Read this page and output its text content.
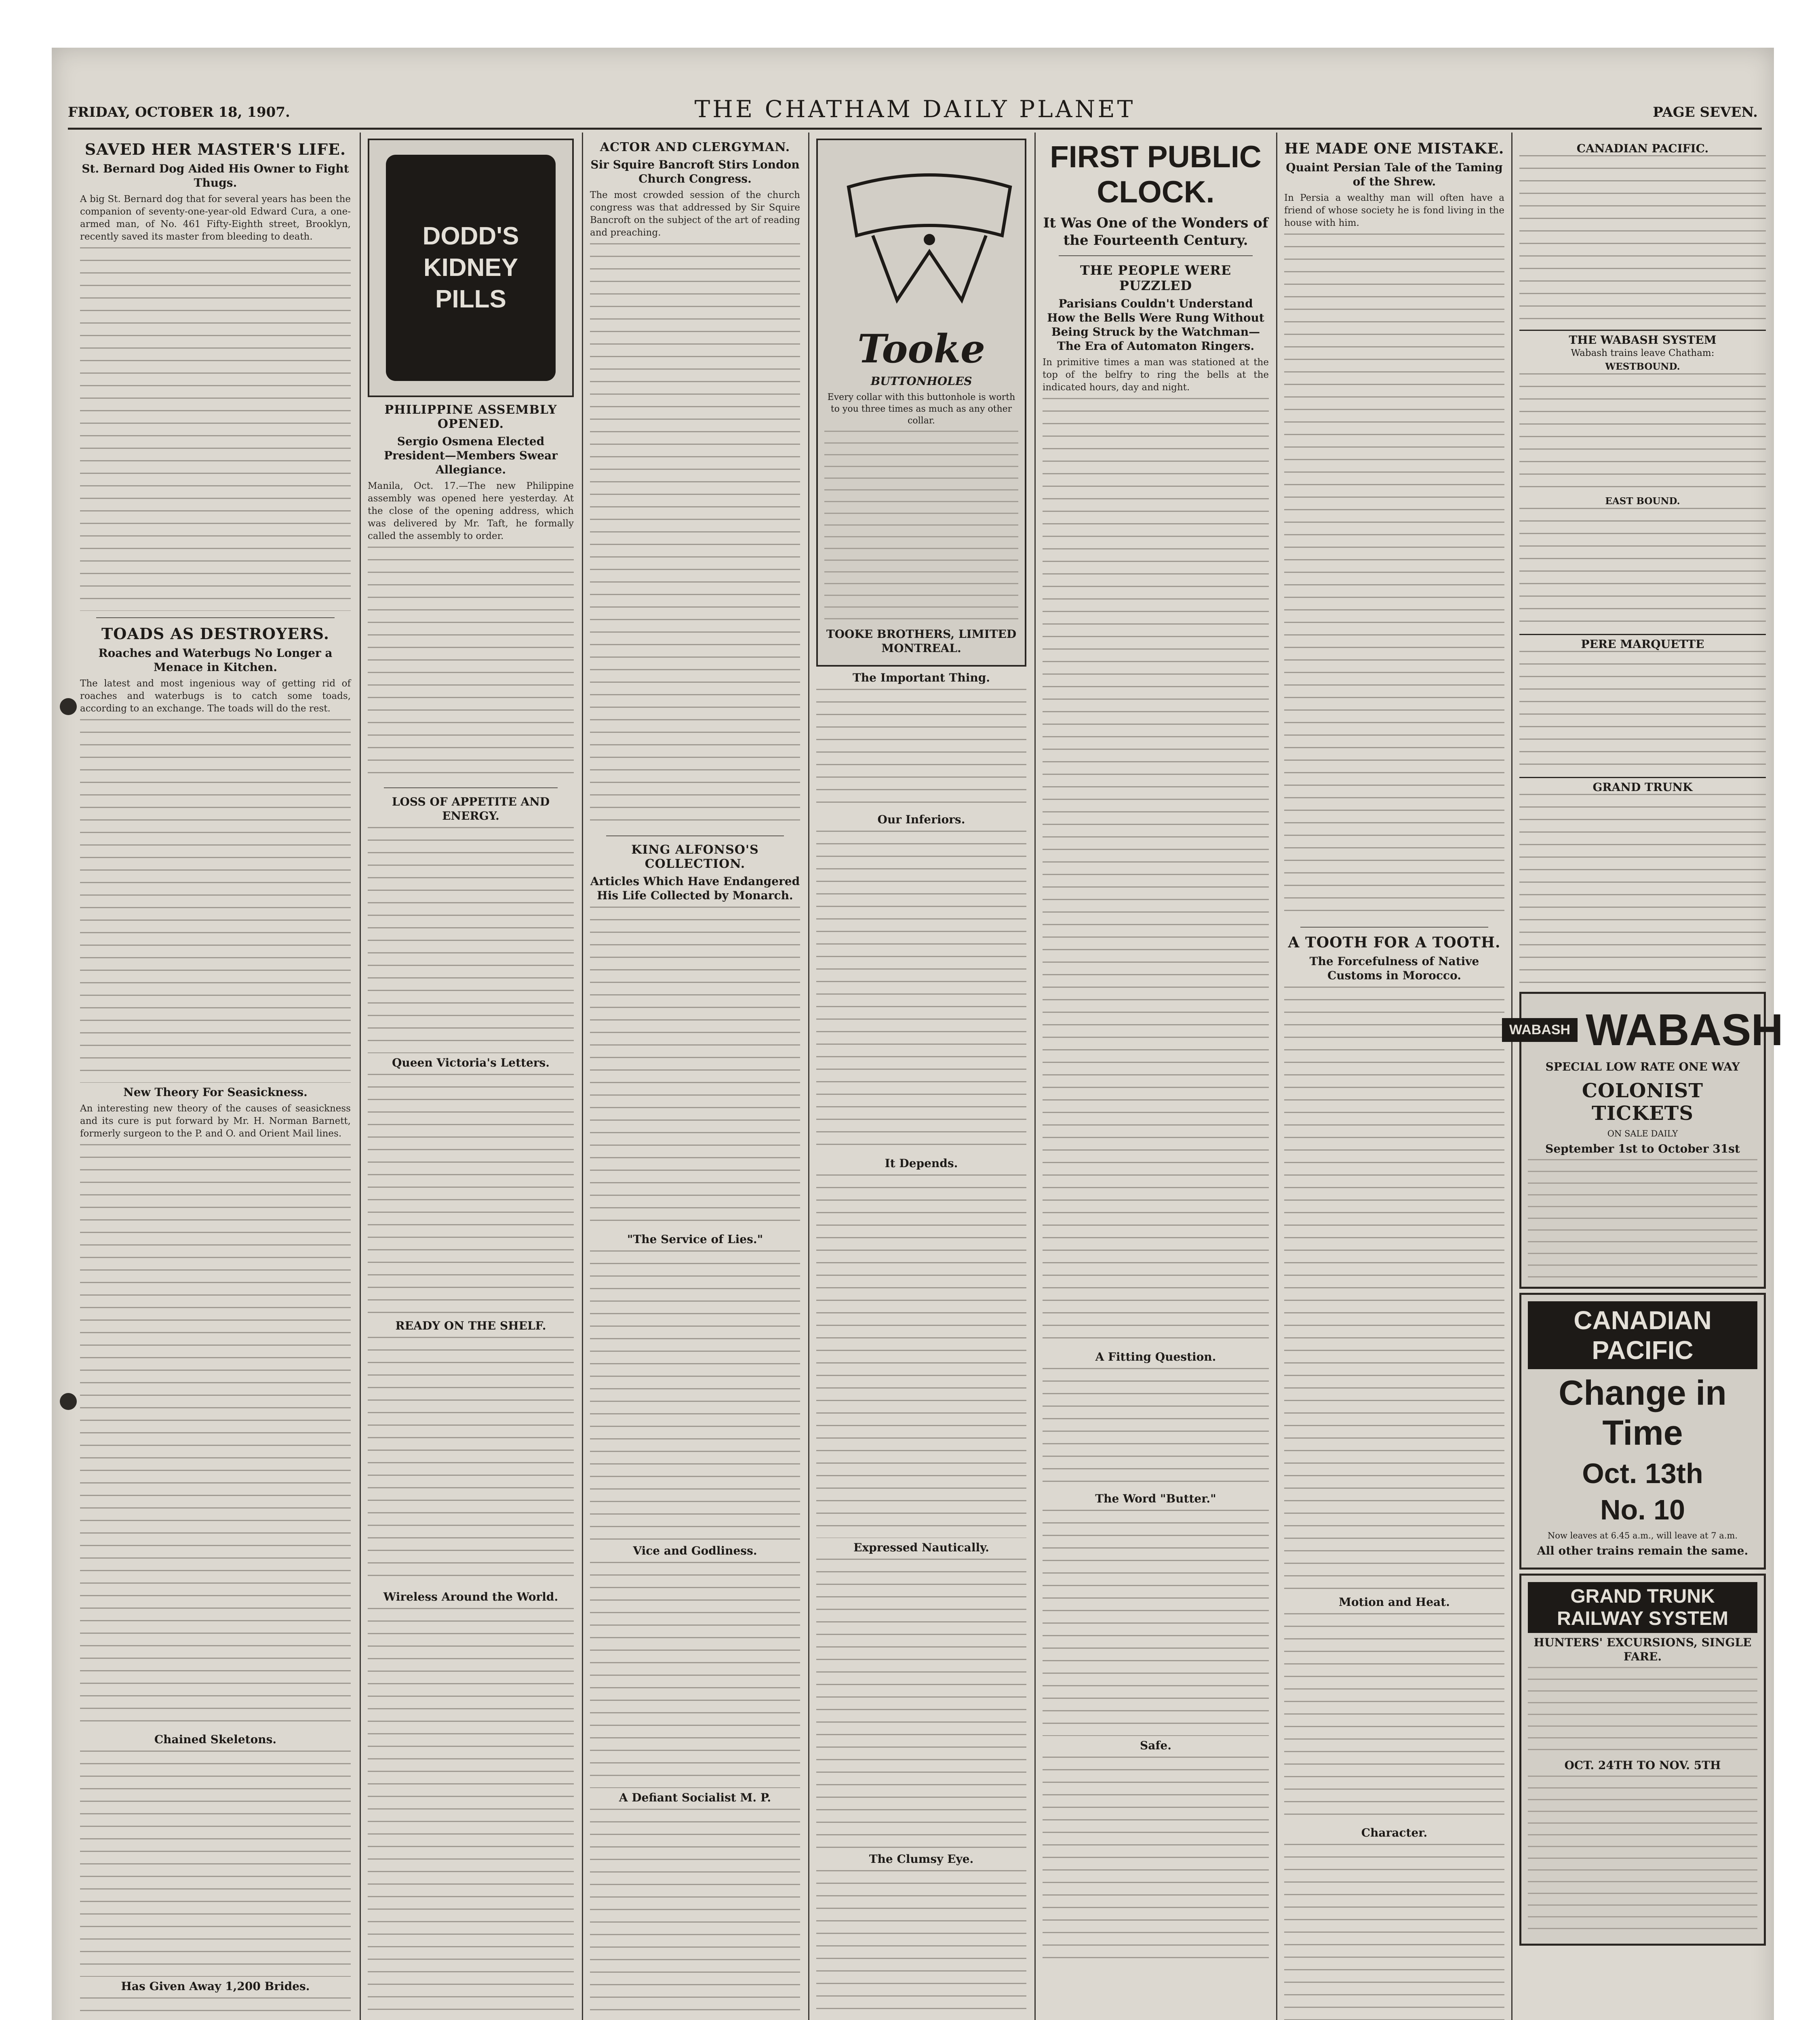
FRIDAY, OCTOBER 18, 1907.	THE CHATHAM DAILY PLANET	PAGE SEVEN.
SAVED HER MASTER'S LIFE.
St. Bernard Dog Aided His Owner to Fight Thugs.
A big St. Bernard dog that for several years has been the companion of seventy-one-year-old Edward Cura, a one-armed man, of No. 461 Fifty-Eighth street, Brooklyn, recently saved its master from bleeding to death.
TOADS AS DESTROYERS.
Roaches and Waterbugs No Longer a Menace in Kitchen.
The latest and most ingenious way of getting rid of roaches and waterbugs is to catch some toads, according to an exchange. The toads will do the rest.
New Theory For Seasickness.
An interesting new theory of the causes of seasickness and its cure is put forward by Mr. H. Norman Barnett, formerly surgeon to the P. and O. and Orient Mail lines.
Chained Skeletons.
Has Given Away 1,200 Brides.
DODD'S
KIDNEY
PILLS
PHILIPPINE ASSEMBLY OPENED.
Sergio Osmena Elected President—Members Swear Allegiance.
Manila, Oct. 17.—The new Philippine assembly was opened here yesterday. At the close of the opening address, which was delivered by Mr. Taft, he formally called the assembly to order.
LOSS OF APPETITE AND ENERGY.
Queen Victoria's Letters.
READY ON THE SHELF.
Wireless Around the World.
ACTOR AND CLERGYMAN.
Sir Squire Bancroft Stirs London Church Congress.
The most crowded session of the church congress was that addressed by Sir Squire Bancroft on the subject of the art of reading and preaching.
KING ALFONSO'S COLLECTION.
Articles Which Have Endangered His Life Collected by Monarch.
"The Service of Lies."
Vice and Godliness.
A Defiant Socialist M. P.
Tooke
BUTTONHOLES
Every collar with this buttonhole is worth to you three times as much as any other collar.
TOOKE BROTHERS, LIMITED MONTREAL.
The Important Thing.
Our Inferiors.
It Depends.
Expressed Nautically.
The Clumsy Eye.
FIRST PUBLIC CLOCK.
It Was One of the Wonders of the Fourteenth Century.
THE PEOPLE WERE PUZZLED
Parisians Couldn't Understand How the Bells Were Rung Without Being Struck by the Watchman—The Era of Automaton Ringers.
In primitive times a man was stationed at the top of the belfry to ring the bells at the indicated hours, day and night.
A Fitting Question.
The Word "Butter."
Safe.
HE MADE ONE MISTAKE.
Quaint Persian Tale of the Taming of the Shrew.
In Persia a wealthy man will often have a friend of whose society he is fond living in the house with him.
A TOOTH FOR A TOOTH.
The Forcefulness of Native Customs in Morocco.
Motion and Heat.
Character.
CANADIAN PACIFIC.
THE WABASH SYSTEM
Wabash trains leave Chatham:
WESTBOUND.
EAST BOUND.
PERE MARQUETTE
GRAND TRUNK
WABASH WABASH
SPECIAL LOW RATE ONE WAY
COLONIST TICKETS
ON SALE DAILY
September 1st to October 31st
CANADIAN PACIFIC
Change in Time
Oct. 13th
No. 10
Now leaves at 6.45 a.m., will leave at 7 a.m.
All other trains remain the same.
GRAND TRUNK RAILWAY SYSTEM
HUNTERS' EXCURSIONS, SINGLE FARE.
OCT. 24TH TO NOV. 5TH
